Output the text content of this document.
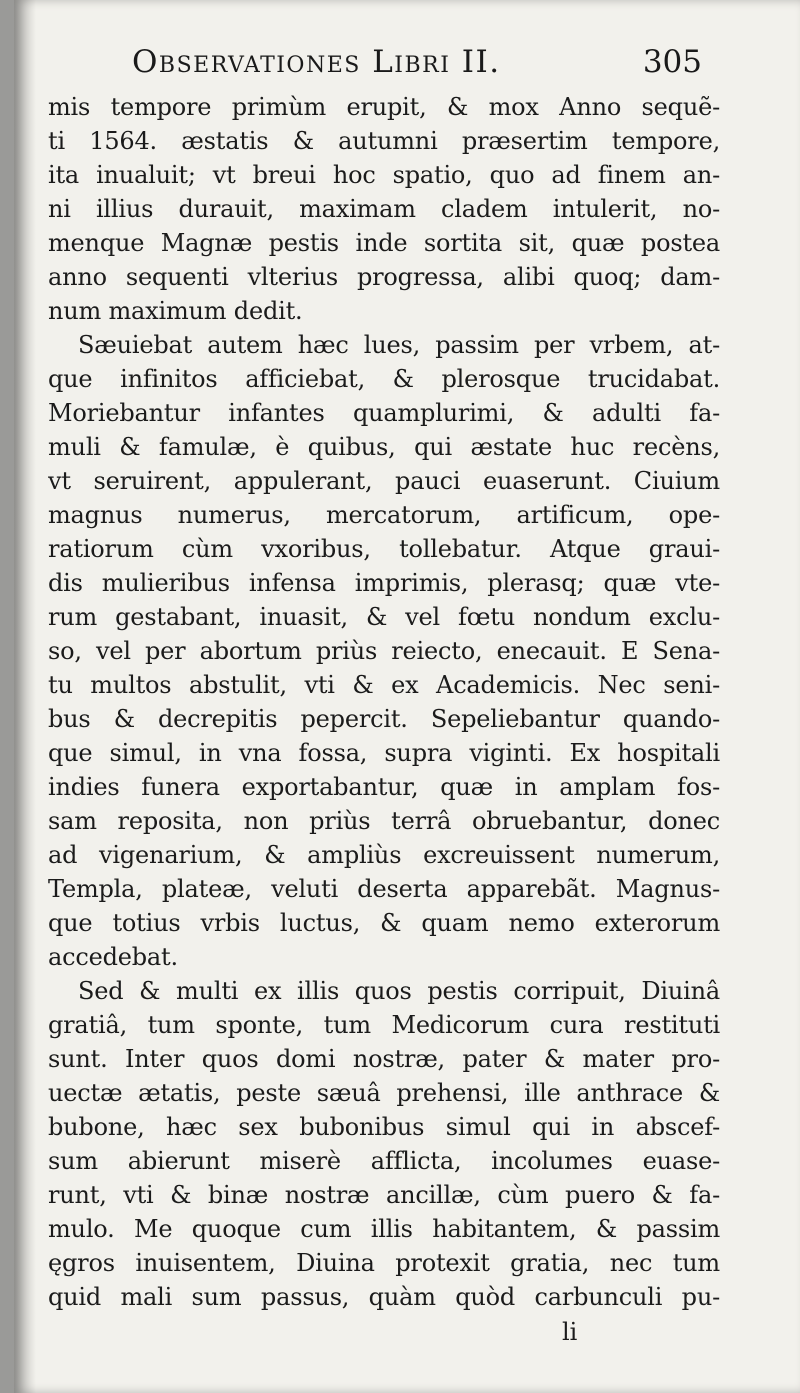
Observationes Libri II.	305
mis tempore primùm erupit, & mox Anno sequẽ-
ti 1564. æstatis & autumni præsertim tempore,
ita inualuit; vt breui hoc spatio, quo ad finem an-
ni illius durauit, maximam cladem intulerit, no-
menque Magnæ pestis inde sortita sit, quæ postea
anno sequenti vlterius progressa, alibi quoq; dam-
num maximum dedit.
Sæuiebat autem hæc lues, passim per vrbem, at-
que infinitos afficiebat, & plerosque trucidabat.
Moriebantur infantes quamplurimi, & adulti fa-
muli & famulæ, è quibus, qui æstate huc recèns,
vt seruirent, appulerant, pauci euaserunt. Ciuium
magnus numerus, mercatorum, artificum, ope-
ratiorum cùm vxoribus, tollebatur. Atque graui-
dis mulieribus infensa imprimis, plerasq; quæ vte-
rum gestabant, inuasit, & vel fœtu nondum exclu-
so, vel per abortum priùs reiecto, enecauit. E Sena-
tu multos abstulit, vti & ex Academicis. Nec seni-
bus & decrepitis pepercit. Sepeliebantur quando-
que simul, in vna fossa, supra viginti. Ex hospitali
indies funera exportabantur, quæ in amplam fos-
sam reposita, non priùs terrâ obruebantur, donec
ad vigenarium, & ampliùs excreuissent numerum,
Templa, plateæ, veluti deserta apparebãt. Magnus-
que totius vrbis luctus, & quam nemo exterorum
accedebat.
Sed & multi ex illis quos pestis corripuit, Diuinâ
gratiâ, tum sponte, tum Medicorum cura restituti
sunt. Inter quos domi nostræ, pater & mater pro-
uectæ ætatis, peste sæuâ prehensi, ille anthrace &
bubone, hæc sex bubonibus simul qui in abscef-
sum abierunt miserè afflicta, incolumes euase-
runt, vti & binæ nostræ ancillæ, cùm puero & fa-
mulo. Me quoque cum illis habitantem, & passim
ęgros inuisentem, Diuina protexit gratia, nec tum
quid mali sum passus, quàm quòd carbunculi pu-
li
